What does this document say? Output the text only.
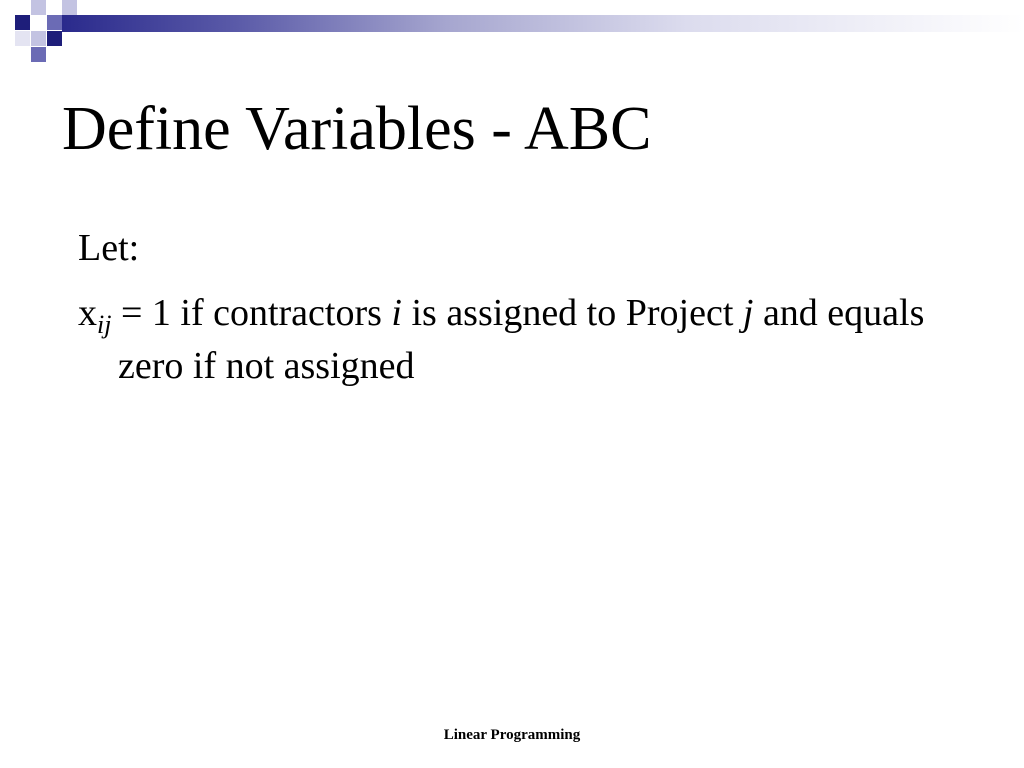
Define Variables - ABC

Let:

$x_{ij} = 1$ if contractors i is assigned to Project j and equals zero if not assigned

Linear Programming
